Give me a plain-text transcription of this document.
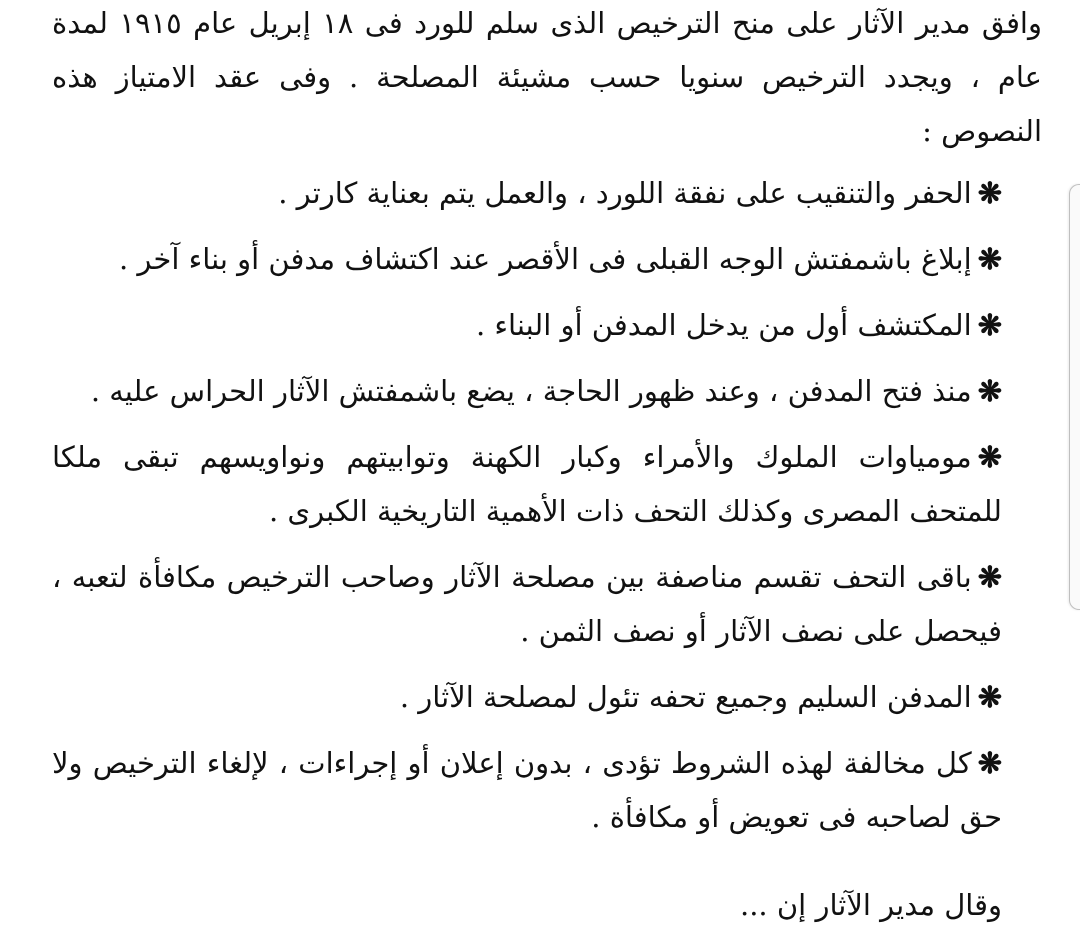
وافق مدير الآثار على منح الترخيص الذى سلم للورد فى ١٨ إبريل عام ١٩١٥ لمدة عام ، ويجدد الترخيص سنويا حسب مشيئة المصلحة . وفى عقد الامتياز هذه النصوص :

❋الحفر والتنقيب على نفقة اللورد ، والعمل يتم بعناية كارتر .
❋إبلاغ باشمفتش الوجه القبلى فى الأقصر عند اكتشاف مدفن أو بناء آخر .
❋المكتشف أول من يدخل المدفن أو البناء .
❋منذ فتح المدفن ، وعند ظهور الحاجة ، يضع باشمفتش الآثار الحراس عليه .
❋مومياوات الملوك والأمراء وكبار الكهنة وتوابيتهم ونواويسهم تبقى ملكا للمتحف المصرى وكذلك التحف ذات الأهمية التاريخية الكبرى .
❋باقى التحف تقسم مناصفة بين مصلحة الآثار وصاحب الترخيص مكافأة لتعبه ، فيحصل على نصف الآثار أو نصف الثمن .
❋المدفن السليم وجميع تحفه تئول لمصلحة الآثار .
❋كل مخالفة لهذه الشروط تؤدى ، بدون إعلان أو إجراءات ، لإلغاء الترخيص ولا حق لصاحبه فى تعويض أو مكافأة .
وقال مدير الآثار إن ...
